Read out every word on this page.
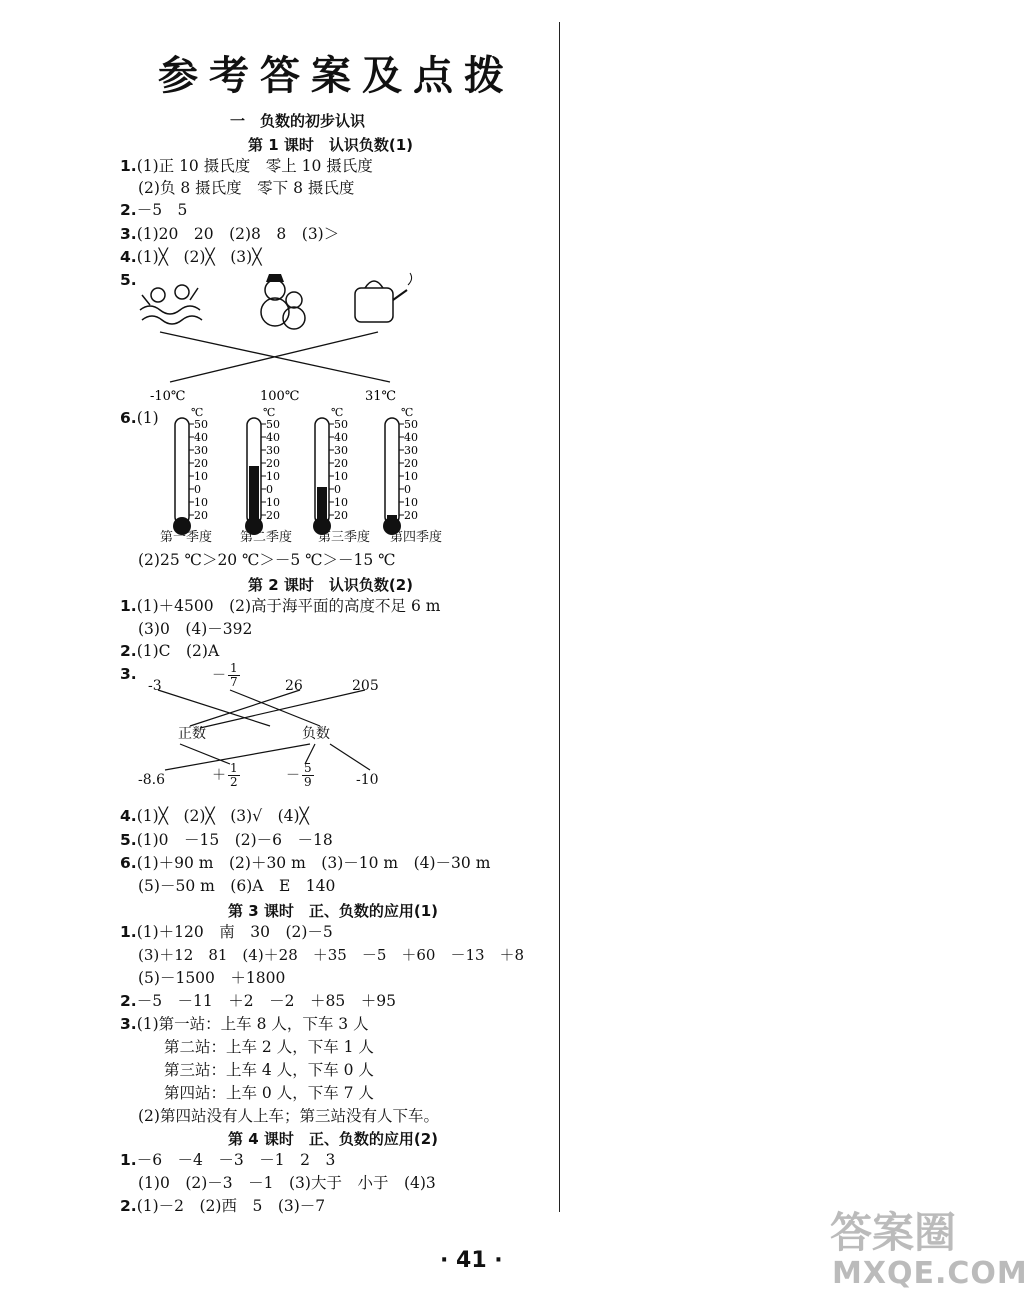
参考答案及点拨
一　负数的初步认识
第 1 课时　认识负数(1)
1.(1)正 10 摄氏度　零上 10 摄氏度
(2)负 8 摄氏度　零下 8 摄氏度
2.－5　5
3.(1)20　20　(2)8　8　(3)＞
4.(1)╳　(2)╳　(3)╳
5.
-10℃	100℃	31℃
6.(1)	℃
50
40
30
20
10
0
10
20
℃
50
40
30
20
10
0
10
20
℃
50
40
30
20
10
0
10
20
℃
50
40
30
20
10
0
10
20
第一季度 第二季度 第三季度 第四季度
(2)25 ℃＞20 ℃＞－5 ℃＞－15 ℃
第 2 课时　认识负数(2)
1.(1)＋4500　(2)高于海平面的高度不足 6 m
(3)0　(4)－392
2.(1)C　(2)A
3.
-3
－ $\frac{1}{7}$	26	205
正数	负数
-8.6	＋ $\frac{1}{2}$	－ $\frac{5}{9}$	-10
4.(1)╳　(2)╳　(3)√　(4)╳
5.(1)0　－15　(2)－6　－18
6.(1)＋90 m　(2)＋30 m　(3)－10 m　(4)－30 m
(5)－50 m　(6)A　E　140
第 3 课时　正、负数的应用(1)
1.(1)＋120　南　30　(2)－5
(3)＋12　81　(4)＋28　＋35　－5　＋60　－13　＋8
(5)－1500　＋1800
2.－5　－11　＋2　－2　＋85　＋95
3.(1)第一站：上车 8 人，下车 3 人
第二站：上车 2 人，下车 1 人
第三站：上车 4 人，下车 0 人
第四站：上车 0 人，下车 7 人
(2)第四站没有人上车；第三站没有人下车。
第 4 课时　正、负数的应用(2)
1.－6　－4　－3　－1　2　3
(1)0　(2)－3　－1　(3)大于　小于　(4)3
2.(1)－2　(2)西　5　(3)－7
西	东
-6 -5 -4 -3 -2 -1 0 1 2 3 4 5 6
小明
7 6 5 4 3 2 1 0 1 2 3 4 5 6
1号 2号	4号 3号	5号
· 41 ·
答案圈
MXQE.COM
